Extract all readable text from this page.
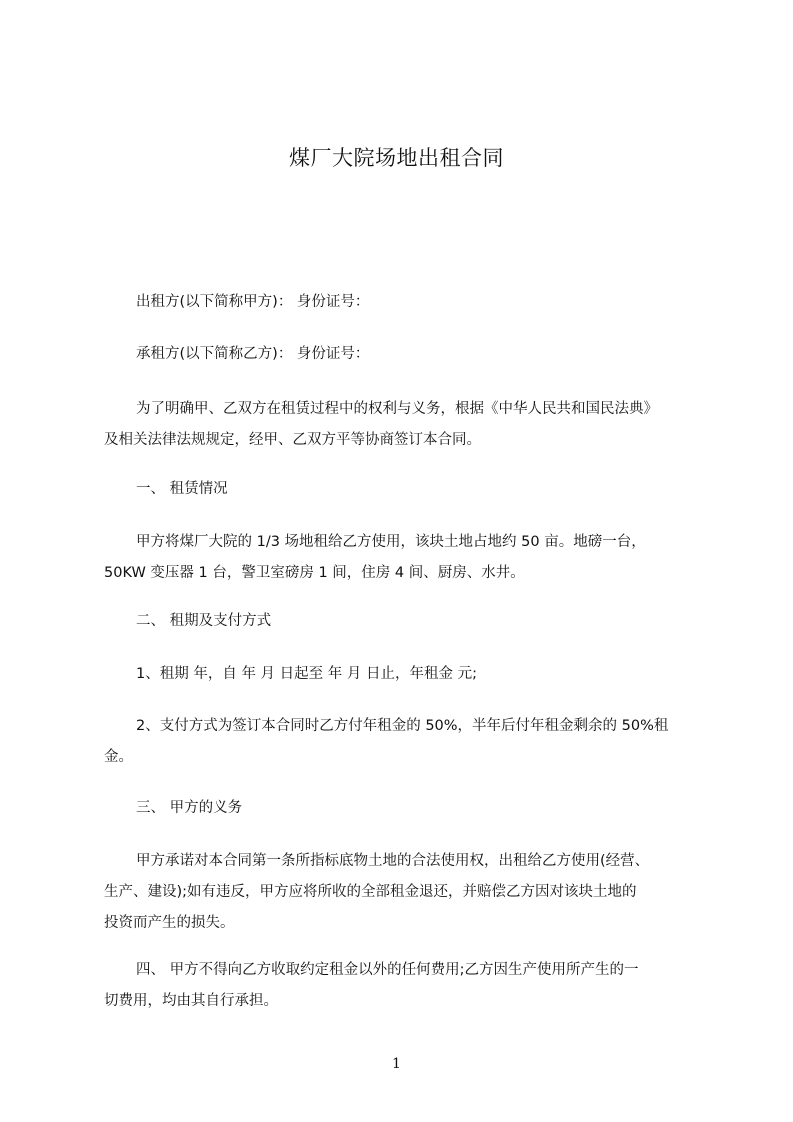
煤厂大院场地出租合同
出租方(以下简称甲方)： 身份证号：
承租方(以下简称乙方)： 身份证号：
为了明确甲、乙双方在租赁过程中的权利与义务，根据《中华人民共和国民法典》
及相关法律法规规定，经甲、乙双方平等协商签订本合同。
一、 租赁情况
甲方将煤厂大院的 1/3 场地租给乙方使用，该块土地占地约 50 亩。地磅一台，
50KW 变压器 1 台，警卫室磅房 1 间，住房 4 间、厨房、水井。
二、 租期及支付方式
1、租期 年，自 年 月 日起至 年 月 日止，年租金 元;
2、支付方式为签订本合同时乙方付年租金的 50%，半年后付年租金剩余的 50%租
金。
三、 甲方的义务
甲方承诺对本合同第一条所指标底物土地的合法使用权，出租给乙方使用(经营、
生产、建设);如有违反，甲方应将所收的全部租金退还，并赔偿乙方因对该块土地的
投资而产生的损失。
四、 甲方不得向乙方收取约定租金以外的任何费用;乙方因生产使用所产生的一
切费用，均由其自行承担。
1
